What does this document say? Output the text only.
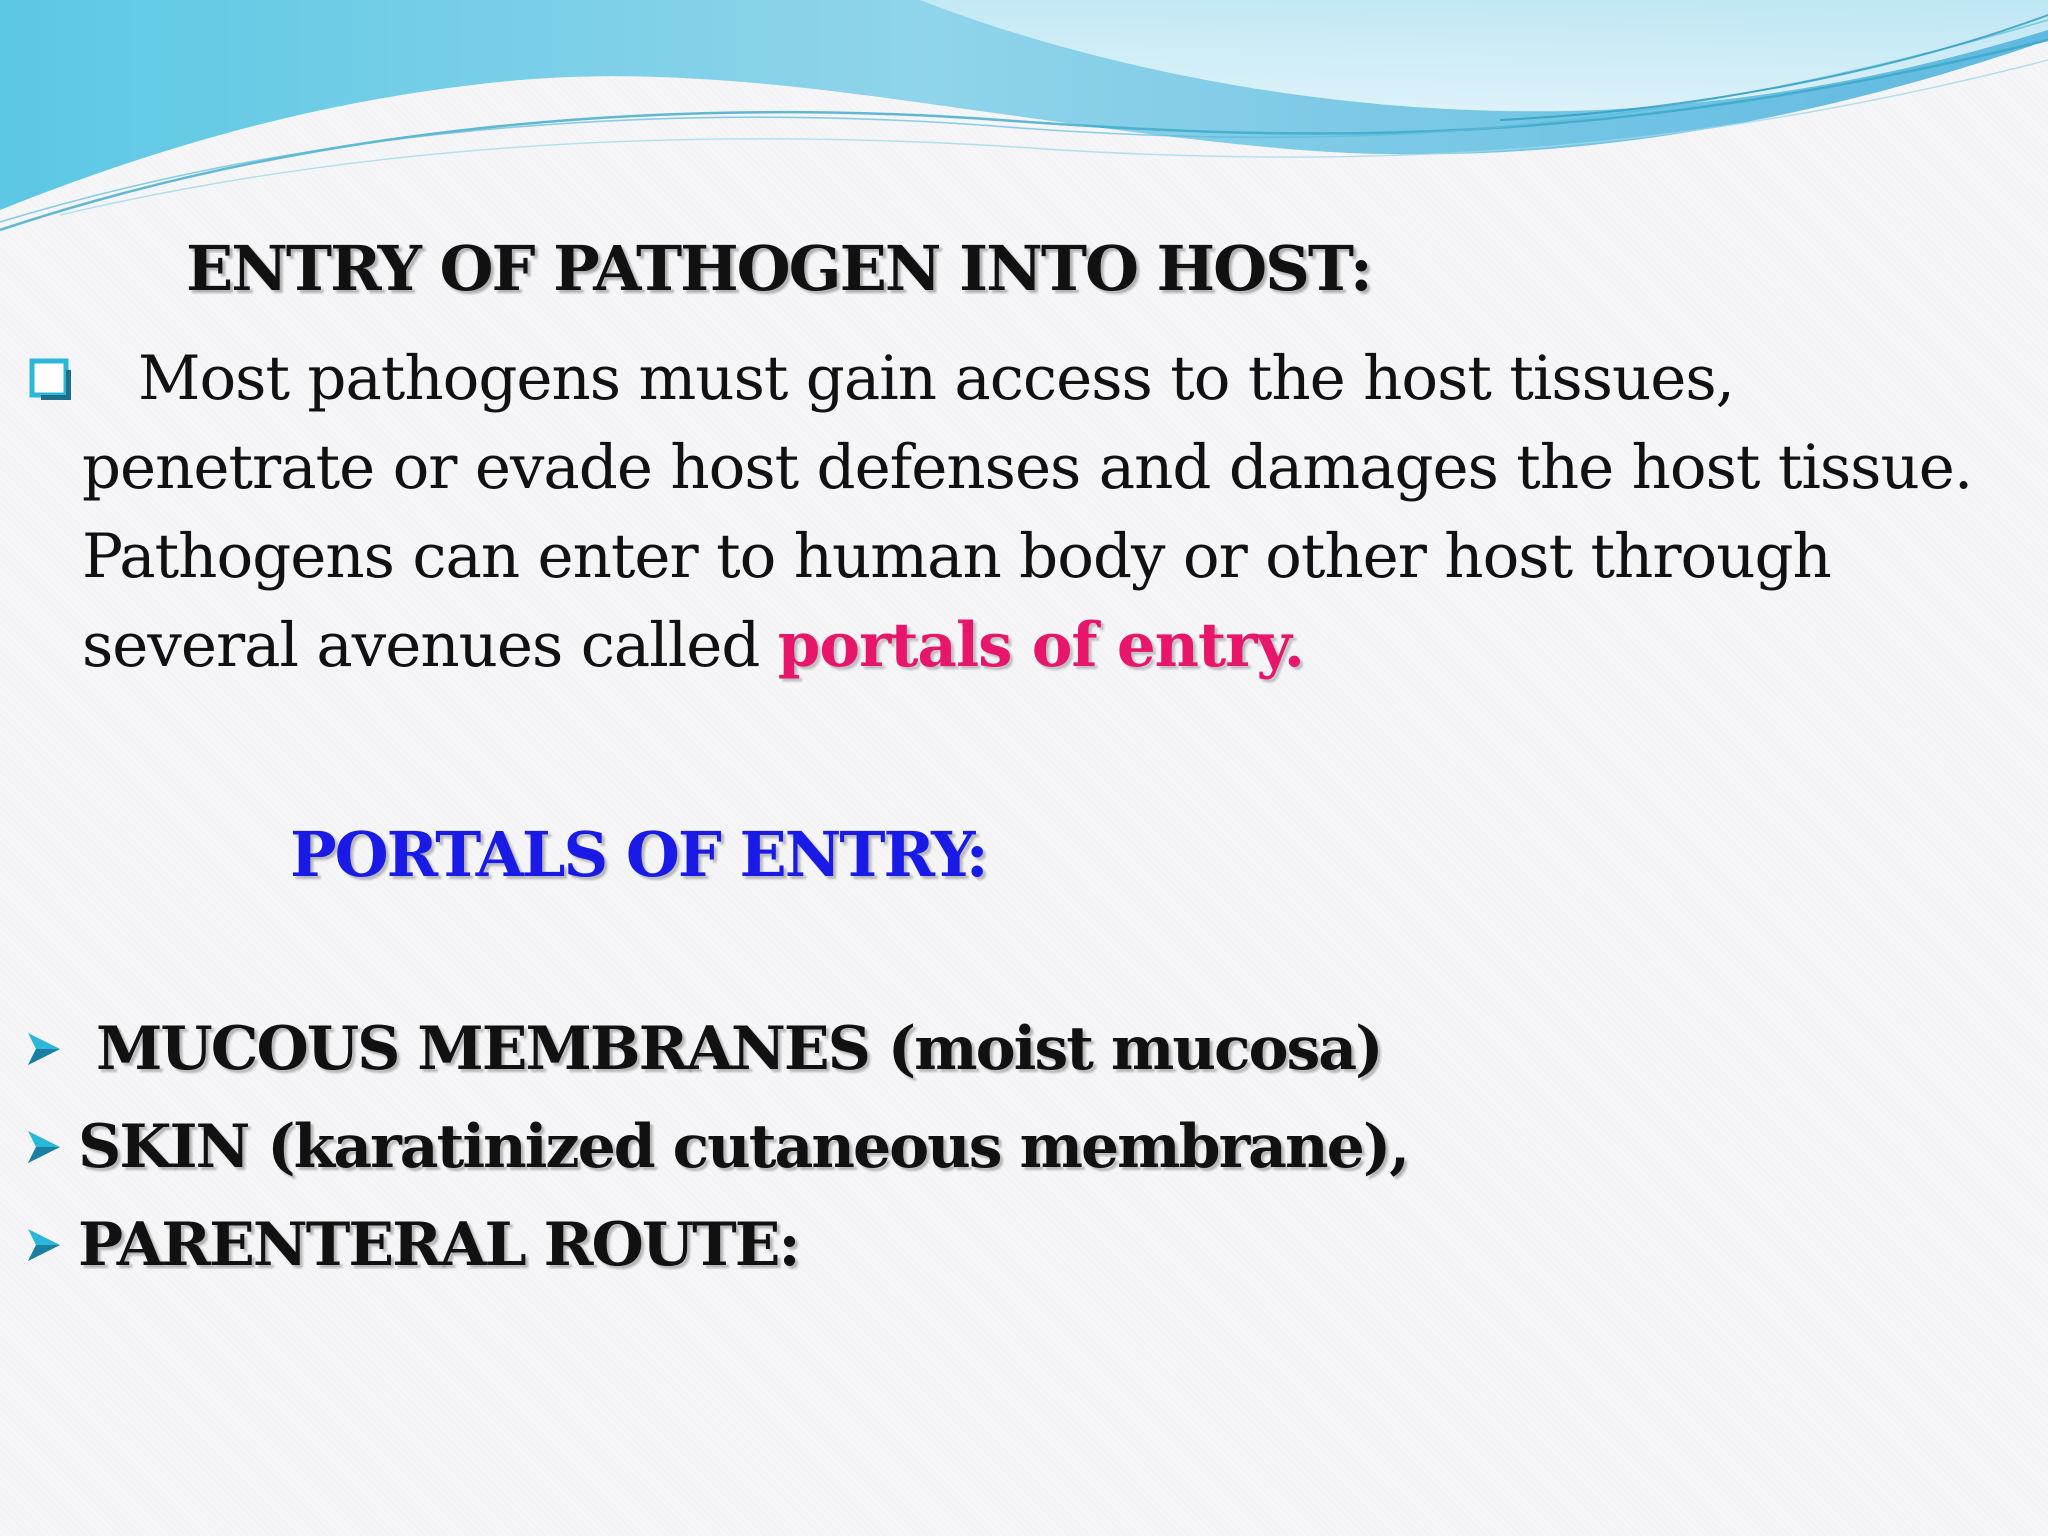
ENTRY OF PATHOGEN INTO HOST:

Most pathogens must gain access to the host tissues, penetrate or evade host defenses and damages the host tissue. Pathogens can enter to human body or other host through several avenues called portals of entry.

PORTALS OF ENTRY:
MUCOUS MEMBRANES (moist mucosa)
SKIN (karatinized cutaneous membrane),
PARENTERAL ROUTE:
